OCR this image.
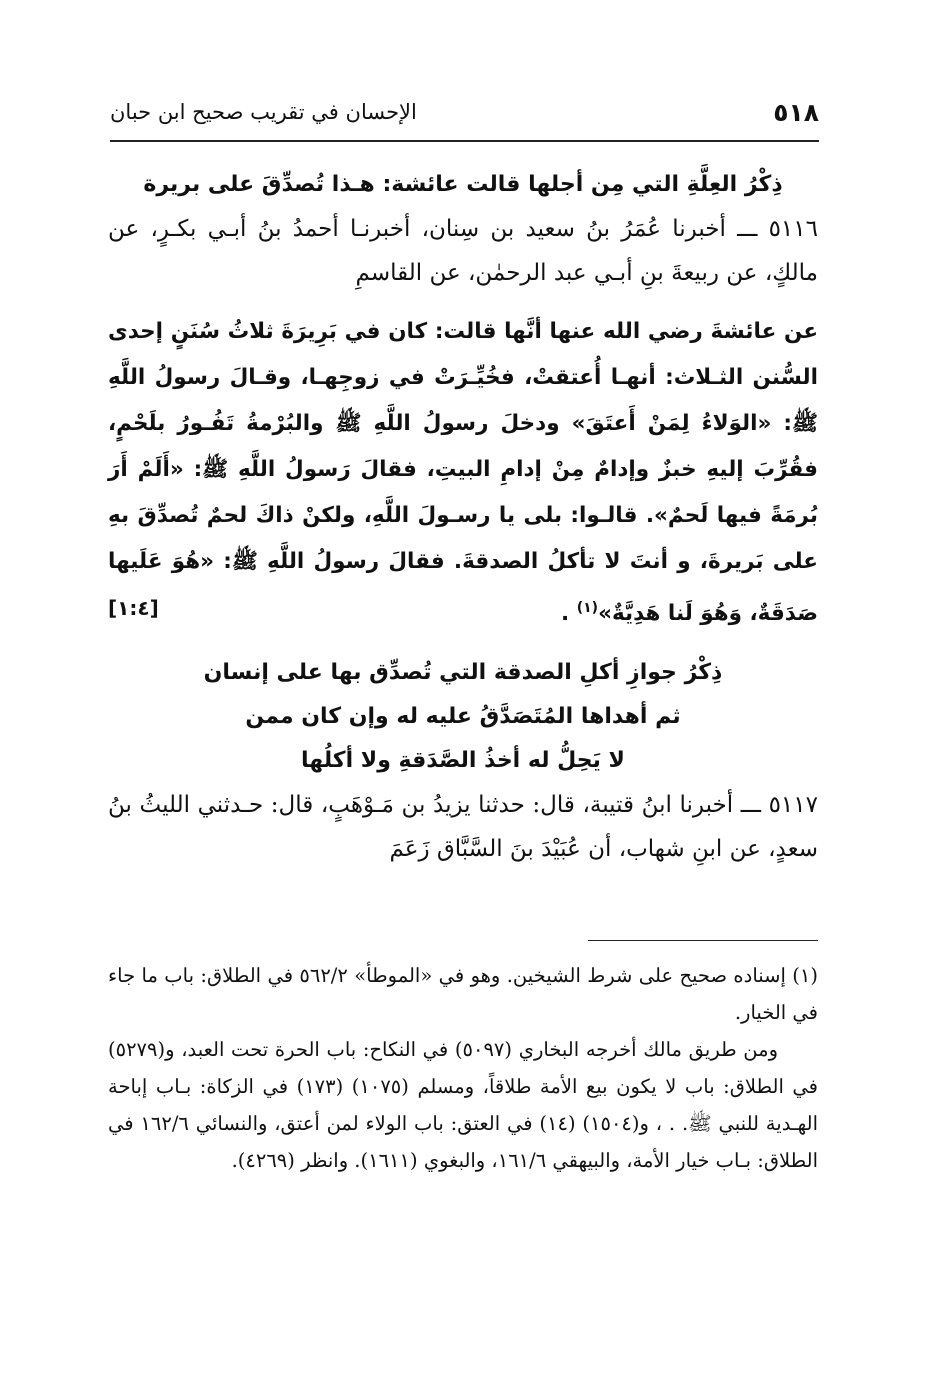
٥١٨
الإحسان في تقريب صحيح ابن حبان

ذِكْرُ العِلَّةِ التي مِن أجلها قالت عائشة: هـذا تُصدِّقَ على بريرة

٥١١٦ ـــ أخبرنا عُمَرُ بنُ سعيد بن سِنان، أخبرنـا أحمدُ بنُ أبـي بكـرٍ، عن مالكٍ، عن ربيعةَ بنِ أبـي عبد الرحمٰن، عن القاسمِ

عن عائشةَ رضي الله عنها أنَّها قالت: كان في بَرِيرَةَ ثلاثُ سُنَنٍ إحدى السُّنن الثـلاث: أنهـا أُعتقتْ، فخُيِّـرَتْ في زوجِهـا، وقـالَ رسولُ اللَّهِ ﷺ: «الوَلاءُ لِمَنْ أَعتَقَ» ودخلَ رسولُ اللَّهِ ﷺ والبُرْمةُ تَفُـورُ بلَحْمٍ، فقُرِّبَ إليهِ خبزٌ وإدامٌ مِنْ إدامِ البيتِ، فقالَ رَسولُ اللَّهِ ﷺ: «أَلَمْ أَرَ بُرمَةً فيها لَحمٌ». قالـوا: بلى يا رسـولَ اللَّهِ، ولكنْ ذاكَ لحمٌ تُصدِّقَ بهِ على بَريرةَ، و أنتَ لا تأكلُ الصدقةَ. فقالَ رسولُ اللَّهِ ﷺ: «هُوَ عَلَيها صَدَقَةٌ، وَهُوَ لَنا هَدِيَّةٌ»$^{(١)}$ .
[١:٤]

ذِكْرُ جوازِ أكلِ الصدقة التي تُصدِّق بها على إنسان

ثم أهداها المُتَصَدَّقُ عليه له وإن كان ممن

لا يَحِلُّ له أخذُ الصَّدَقةِ ولا أكلُها

٥١١٧ ـــ أخبرنا ابنُ قتيبة، قال: حدثنا يزيدُ بن مَـوْهَبٍ، قال: حـدثني الليثُ بنُ سعدٍ، عن ابنِ شهاب، أن عُبَيْدَ بنَ السَّبَّاق زَعَمَ

(١) إسناده صحيح على شرط الشيخين. وهو في «الموطأ» ٥٦٢/٢ في الطلاق: باب ما جاء في الخيار.

ومن طريق مالك أخرجه البخاري (٥٠٩٧) في النكاح: باب الحرة تحت العبد، و(٥٢٧٩) في الطلاق: باب لا يكون بيع الأمة طلاقاً، ومسلم (١٠٧٥) (١٧٣) في الزكاة: بـاب إباحة الهـدية للنبي ﷺ. . ، و(١٥٠٤) (١٤) في العتق: باب الولاء لمن أعتق، والنسائي ١٦٢/٦ في الطلاق: بـاب خيار الأمة، والبيهقي ١٦١/٦، والبغوي (١٦١١). وانظر (٤٢٦٩).
